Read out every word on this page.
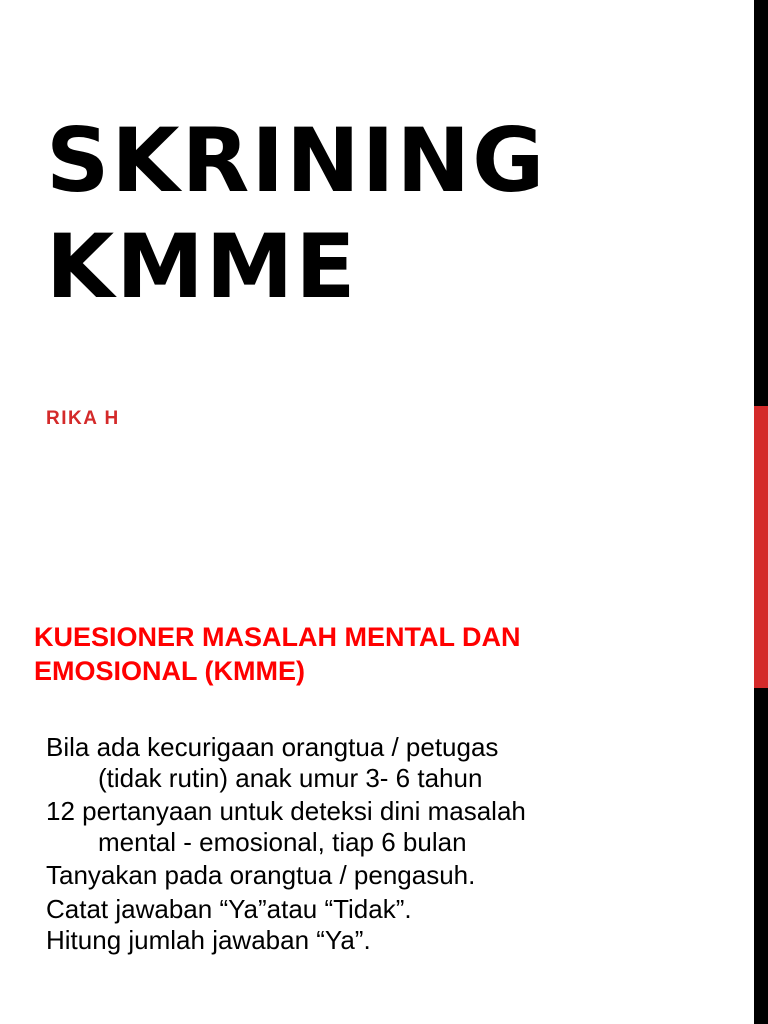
SKRINING
KMME
RIKA H
KUESIONER MASALAH MENTAL DAN
EMOSIONAL (KMME)
Bila ada kecurigaan orangtua / petugas

(tidak rutin) anak umur 3- 6 tahun
12 pertanyaan untuk deteksi dini masalah

mental - emosional, tiap 6 bulan
Tanyakan pada orangtua / pengasuh.
Catat jawaban “Ya”atau “Tidak”.
Hitung jumlah jawaban “Ya”.
